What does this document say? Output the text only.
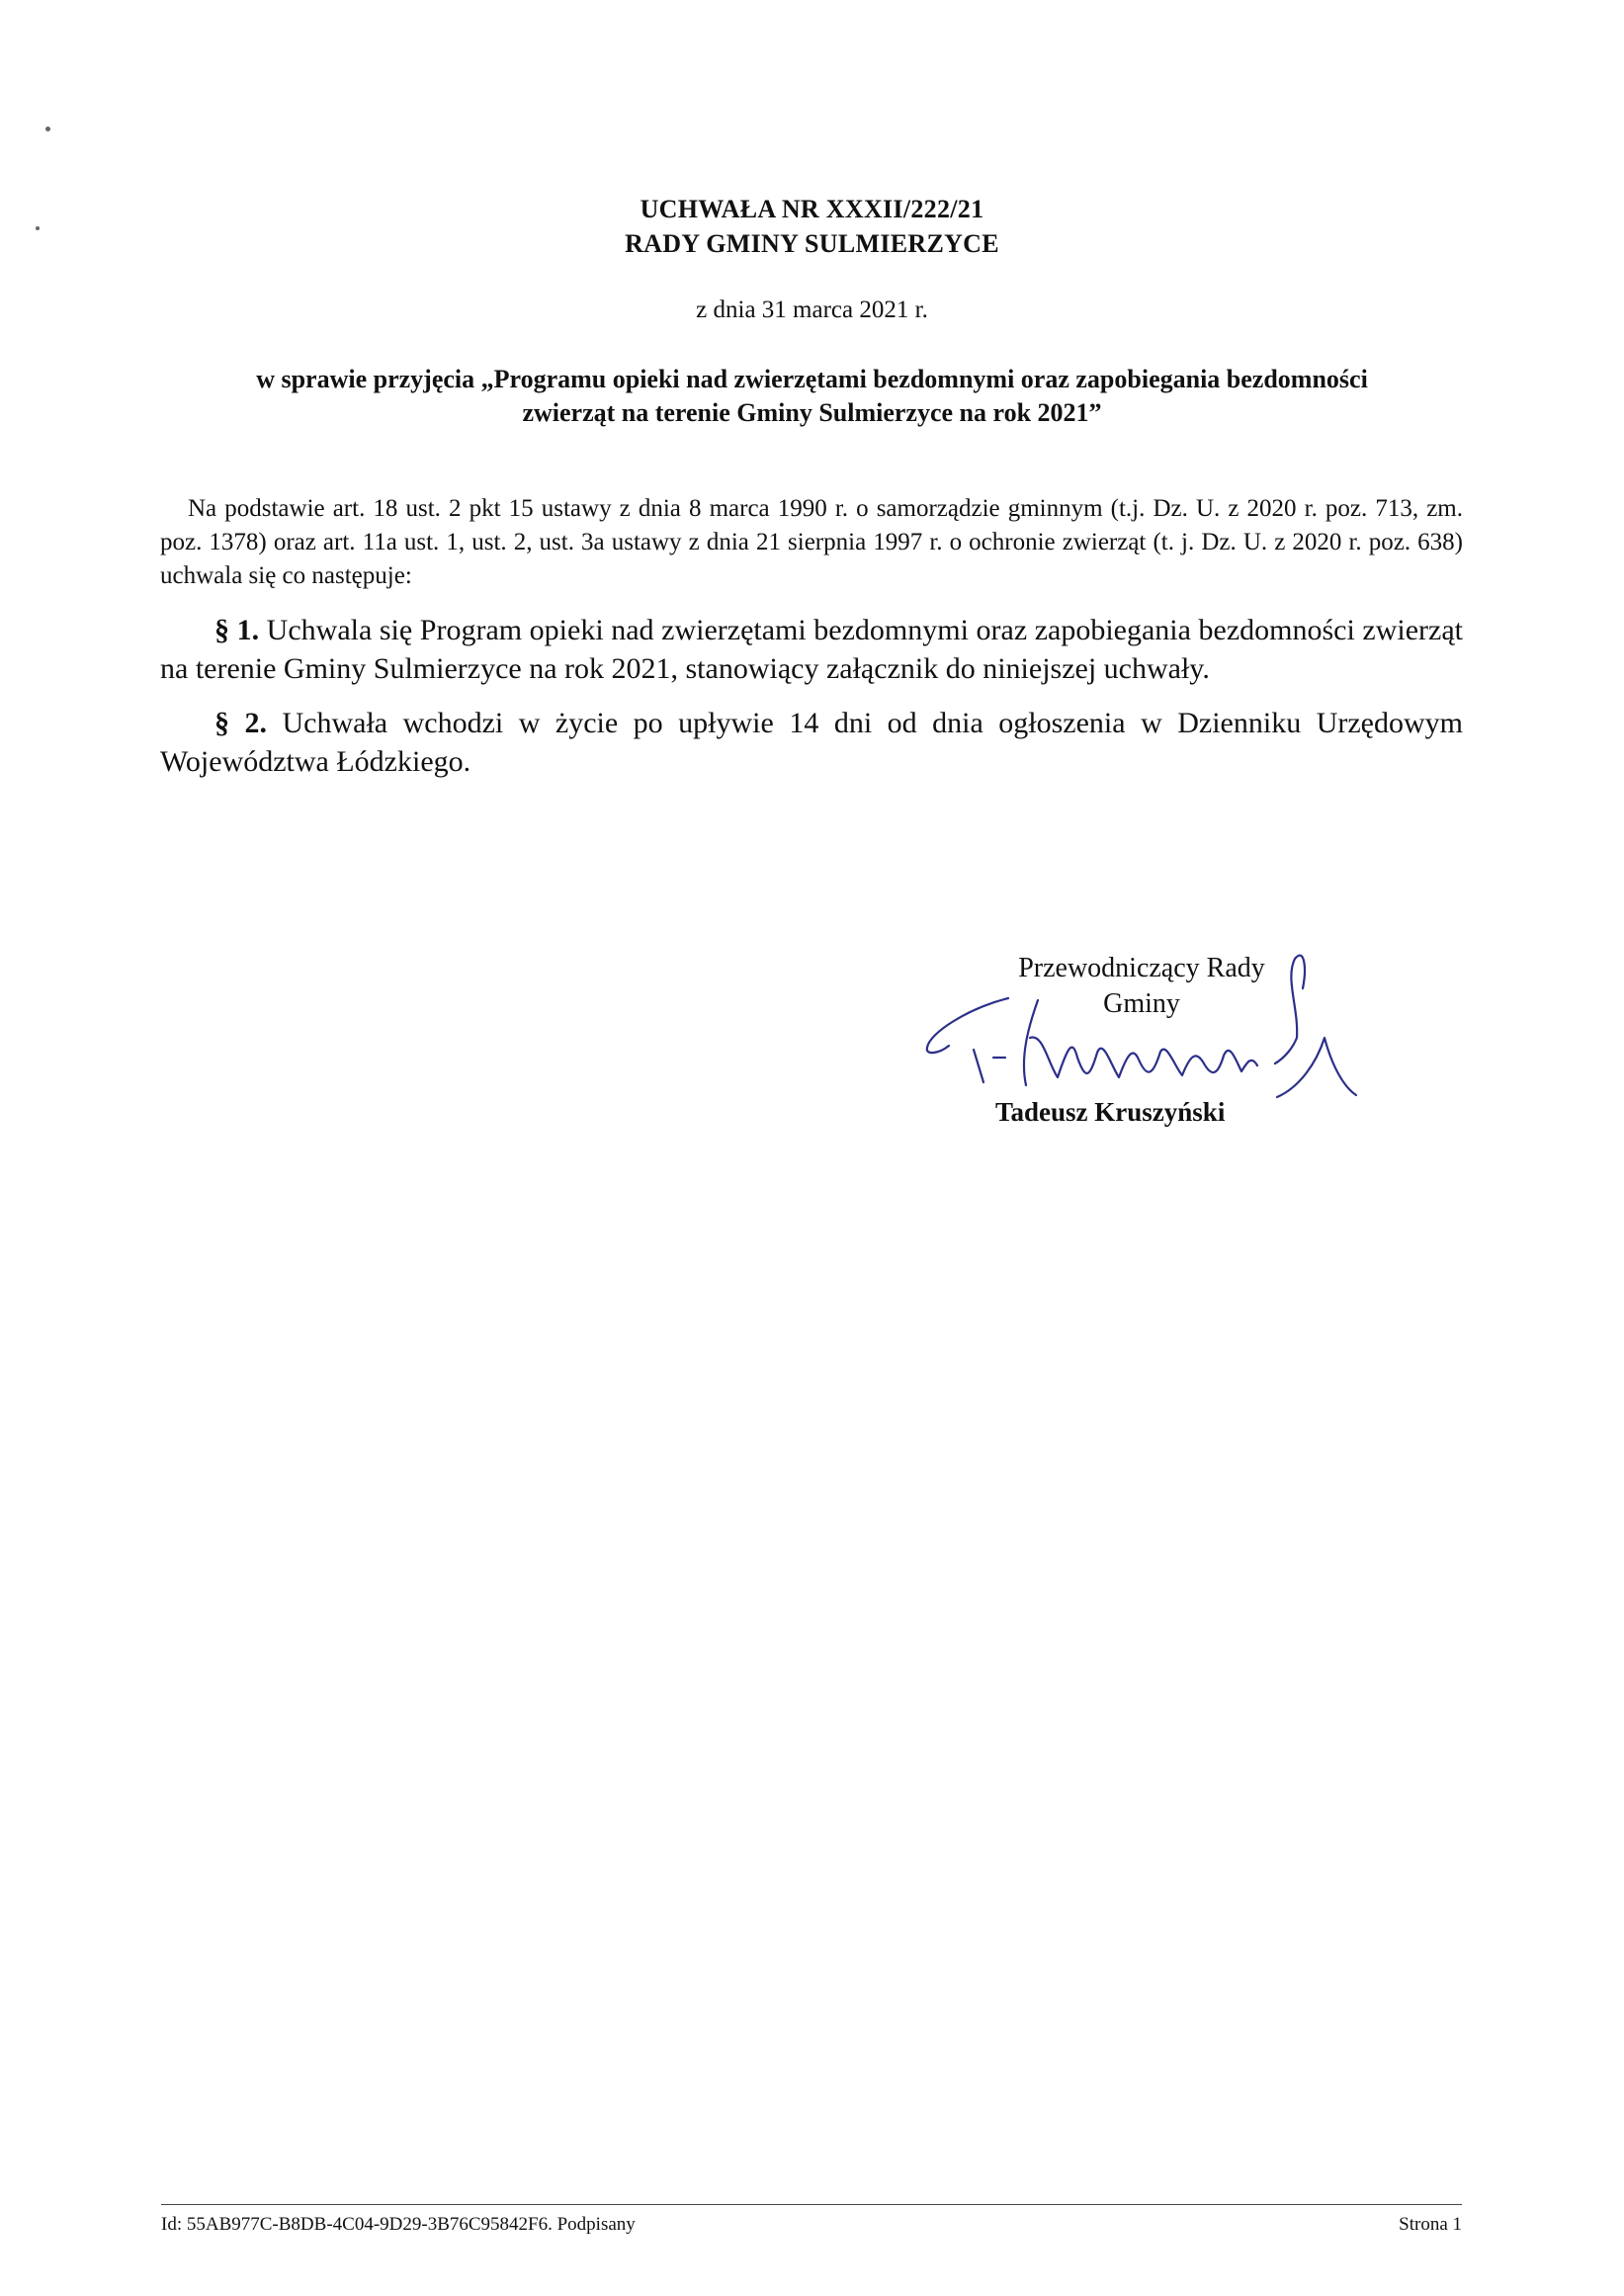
UCHWAŁA NR XXXII/222/21
RADY GMINY SULMIERZYCE
z dnia 31 marca 2021 r.
w sprawie przyjęcia „Programu opieki nad zwierzętami bezdomnymi oraz zapobiegania bezdomności
zwierząt na terenie Gminy Sulmierzyce na rok 2021”
Na podstawie art. 18 ust. 2 pkt 15 ustawy z dnia 8 marca 1990 r. o samorządzie gminnym (t.j. Dz. U. z 2020 r. poz. 713, zm. poz. 1378) oraz art. 11a ust. 1, ust. 2, ust. 3a ustawy z dnia 21 sierpnia 1997 r. o ochronie zwierząt (t. j. Dz. U. z 2020 r. poz. 638) uchwala się co następuje:
§ 1. Uchwala się Program opieki nad zwierzętami bezdomnymi oraz zapobiegania bezdomności zwierząt na terenie Gminy Sulmierzyce na rok 2021, stanowiący załącznik do niniejszej uchwały.
§ 2. Uchwała wchodzi w życie po upływie 14 dni od dnia ogłoszenia w Dzienniku Urzędowym Województwa Łódzkiego.
Przewodniczący Rady Gminy
Tadeusz Kruszyński
Id: 55AB977C-B8DB-4C04-9D29-3B76C95842F6. Podpisany	Strona 1
